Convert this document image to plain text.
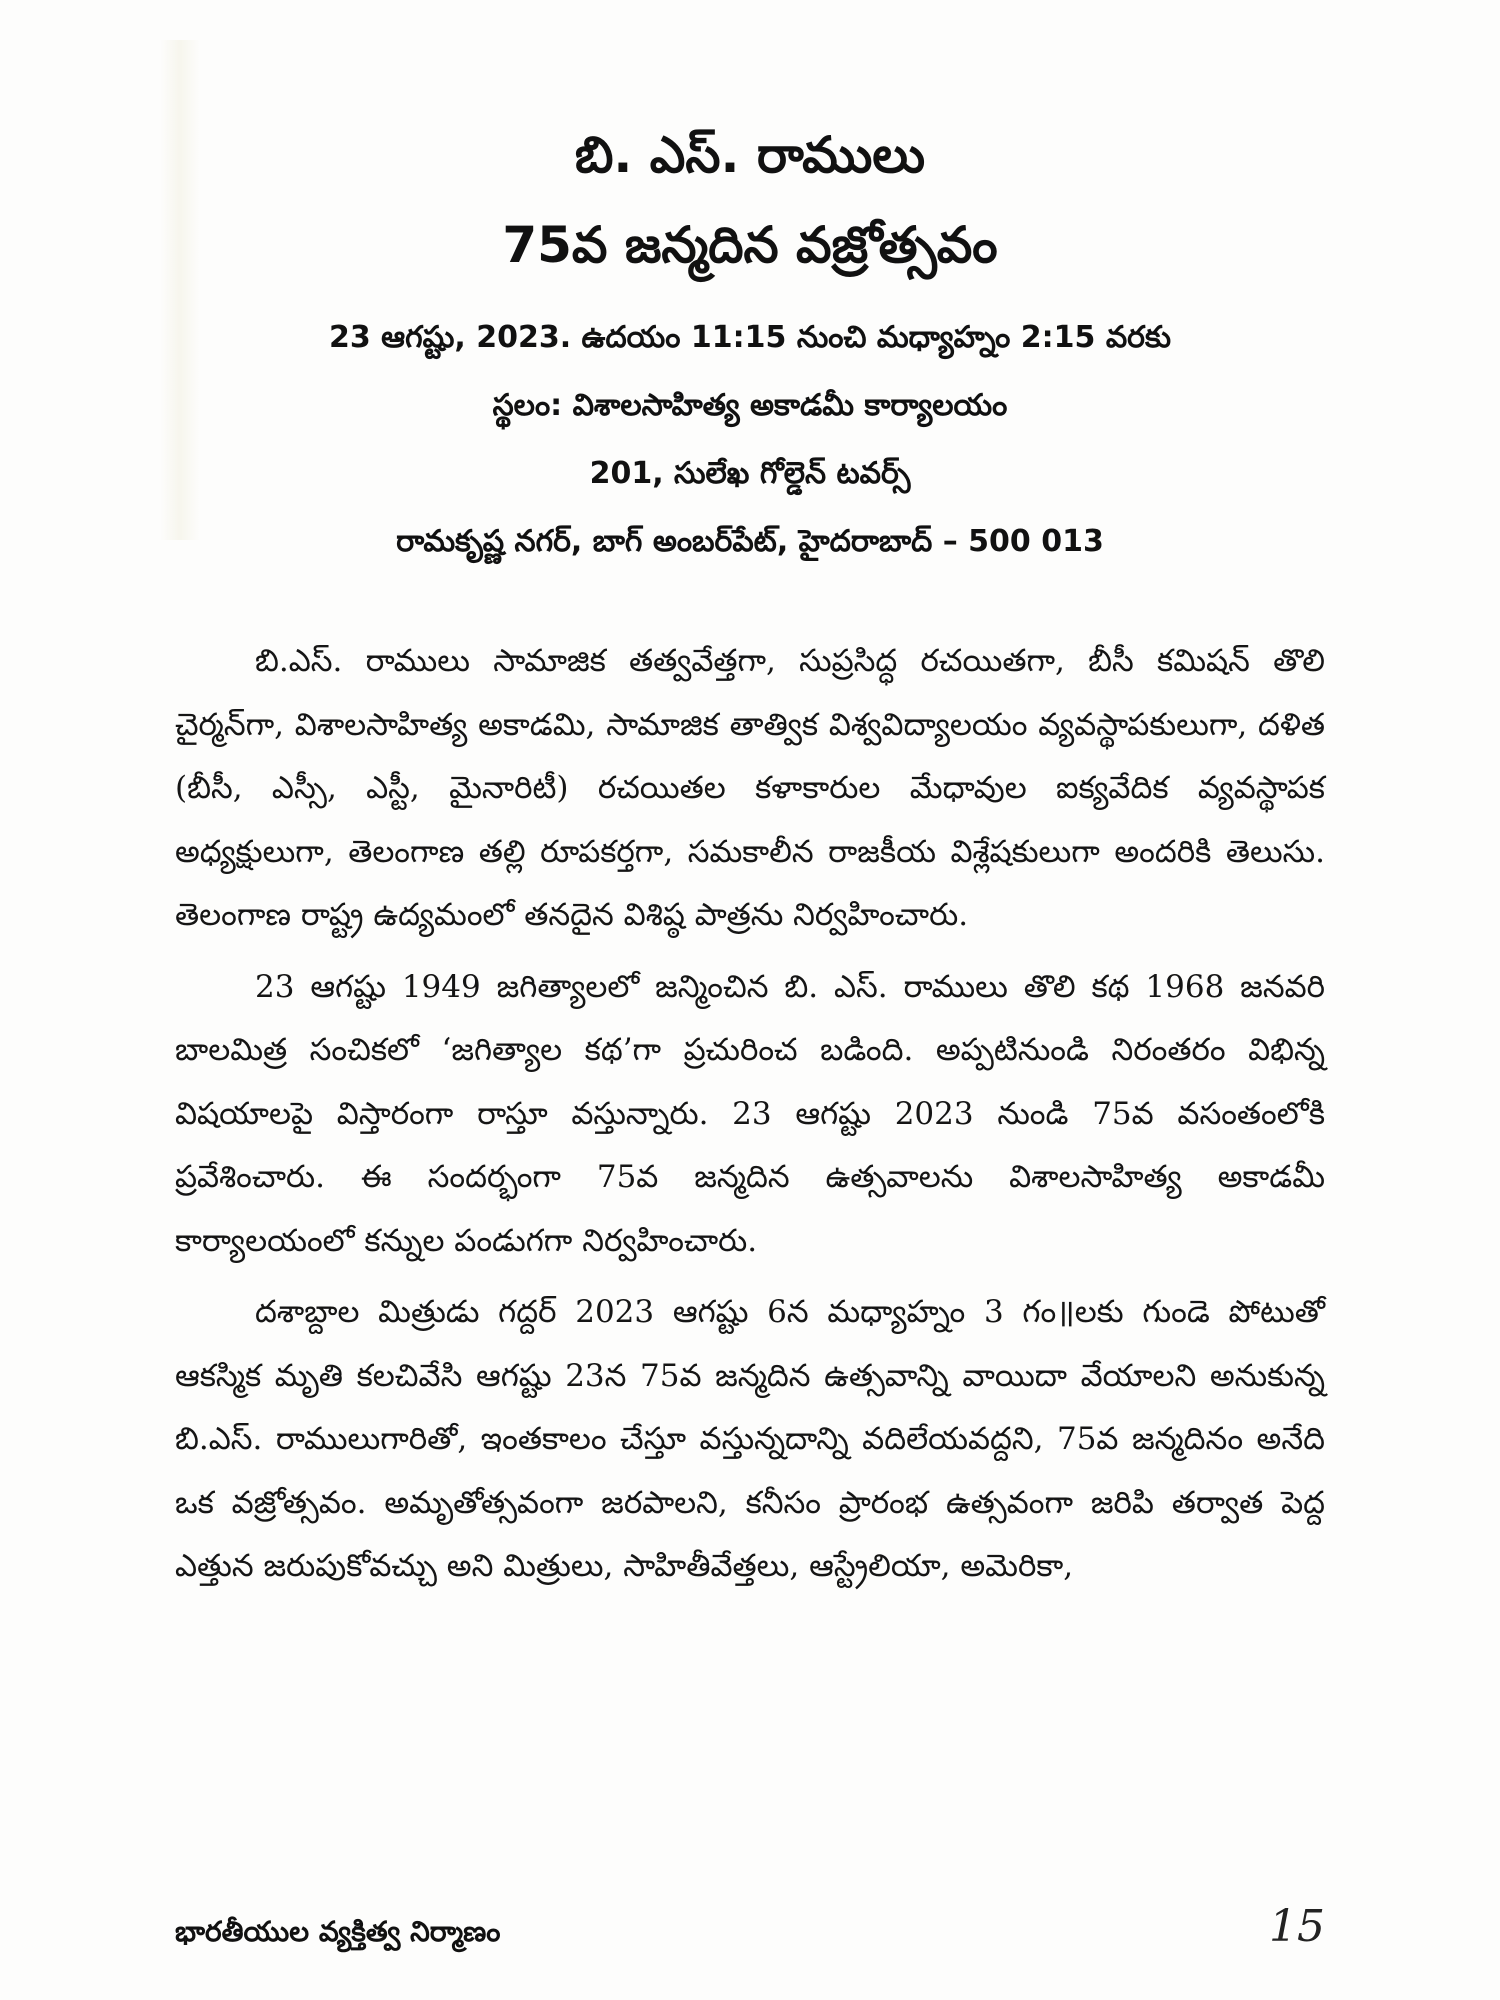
బి. ఎస్. రాములు

75వ జన్మదిన వజ్రోత్సవం

23 ఆగష్టు, 2023. ఉదయం 11:15 నుంచి మధ్యాహ్నం 2:15 వరకు

స్థలం: విశాలసాహిత్య అకాడమీ కార్యాలయం

201, సులేఖ గోల్డెన్ టవర్స్

రామకృష్ణ నగర్, బాగ్ అంబర్‌పేట్, హైదరాబాద్ – 500 013

బి.ఎస్. రాములు సామాజిక తత్వవేత్తగా, సుప్రసిద్ధ రచయితగా, బీసీ కమిషన్ తొలి చైర్మన్‌గా, విశాలసాహిత్య అకాడమి, సామాజిక తాత్విక విశ్వవిద్యాలయం వ్యవస్థాపకులుగా, దళిత (బీసీ, ఎస్సీ, ఎస్టీ, మైనారిటీ) రచయితల కళాకారుల మేధావుల ఐక్యవేదిక వ్యవస్థాపక అధ్యక్షులుగా, తెలంగాణ తల్లి రూపకర్తగా, సమకాలీన రాజకీయ విశ్లేషకులుగా అందరికి తెలుసు. తెలంగాణ రాష్ట్ర ఉద్యమంలో తనదైన విశిష్ఠ పాత్రను నిర్వహించారు.

23 ఆగష్టు 1949 జగిత్యాలలో జన్మించిన బి. ఎస్. రాములు తొలి కథ 1968 జనవరి బాలమిత్ర సంచికలో ‘జగిత్యాల కథ’గా ప్రచురించ బడింది. అప్పటినుండి నిరంతరం విభిన్న విషయాలపై విస్తారంగా రాస్తూ వస్తున్నారు. 23 ఆగష్టు 2023 నుండి 75వ వసంతంలోకి ప్రవేశించారు. ఈ సందర్భంగా 75వ జన్మదిన ఉత్సవాలను విశాలసాహిత్య అకాడమీ కార్యాలయంలో కన్నుల పండుగగా నిర్వహించారు.

దశాబ్దాల మిత్రుడు గద్దర్ 2023 ఆగష్టు 6న మధ్యాహ్నం 3 గం॥లకు గుండె పోటుతో ఆకస్మిక మృతి కలచివేసి ఆగష్టు 23న 75వ జన్మదిన ఉత్సవాన్ని వాయిదా వేయాలని అనుకున్న బి.ఎస్. రాములుగారితో, ఇంతకాలం చేస్తూ వస్తున్నదాన్ని వదిలేయవద్దని, 75వ జన్మదినం అనేది ఒక వజ్రోత్సవం. అమృతోత్సవంగా జరపాలని, కనీసం ప్రారంభ ఉత్సవంగా జరిపి తర్వాత పెద్ద ఎత్తున జరుపుకోవచ్చు అని మిత్రులు, సాహితీవేత్తలు, ఆస్ట్రేలియా, అమెరికా,

భారతీయుల వ్యక్తిత్వ నిర్మాణం	15
